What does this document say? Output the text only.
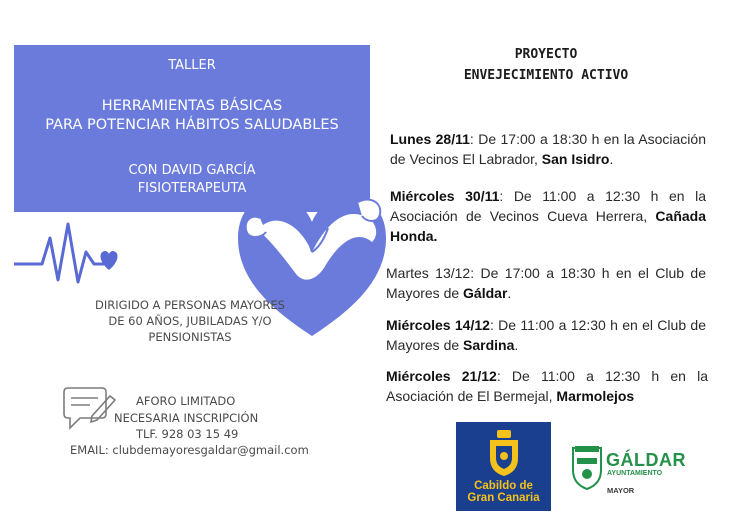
TALLER
HERRAMIENTAS BÁSICAS
PARA POTENCIAR HÁBITOS SALUDABLES
CON DAVID GARCÍA
FISIOTERAPEUTA
PROYECTO
ENVEJECIMIENTO ACTIVO
Lunes 28/11: De 17:00 a 18:30 h en la Asociación de Vecinos El Labrador, San Isidro.
Miércoles 30/11: De 11:00 a 12:30 h en la Asociación de Vecinos Cueva Herrera, Cañada Honda.
Martes 13/12: De 17:00 a 18:30 h en el Club de Mayores de Gáldar.
Miércoles 14/12: De 11:00 a 12:30 h en el Club de Mayores de Sardina.
Miércoles 21/12: De 11:00 a 12:30 h en la Asociación de El Bermejal, Marmolejos
DIRIGIDO A PERSONAS MAYORES
DE 60 AÑOS, JUBILADAS Y/O
PENSIONISTAS
AFORO LIMITADO
NECESARIA INSCRIPCIÓN
TLF. 928 03 15 49
EMAIL: clubdemayoresgaldar@gmail.com
Cabildo de
Gran Canaria
GÁLDAR
AYUNTAMIENTO
MAYOR
